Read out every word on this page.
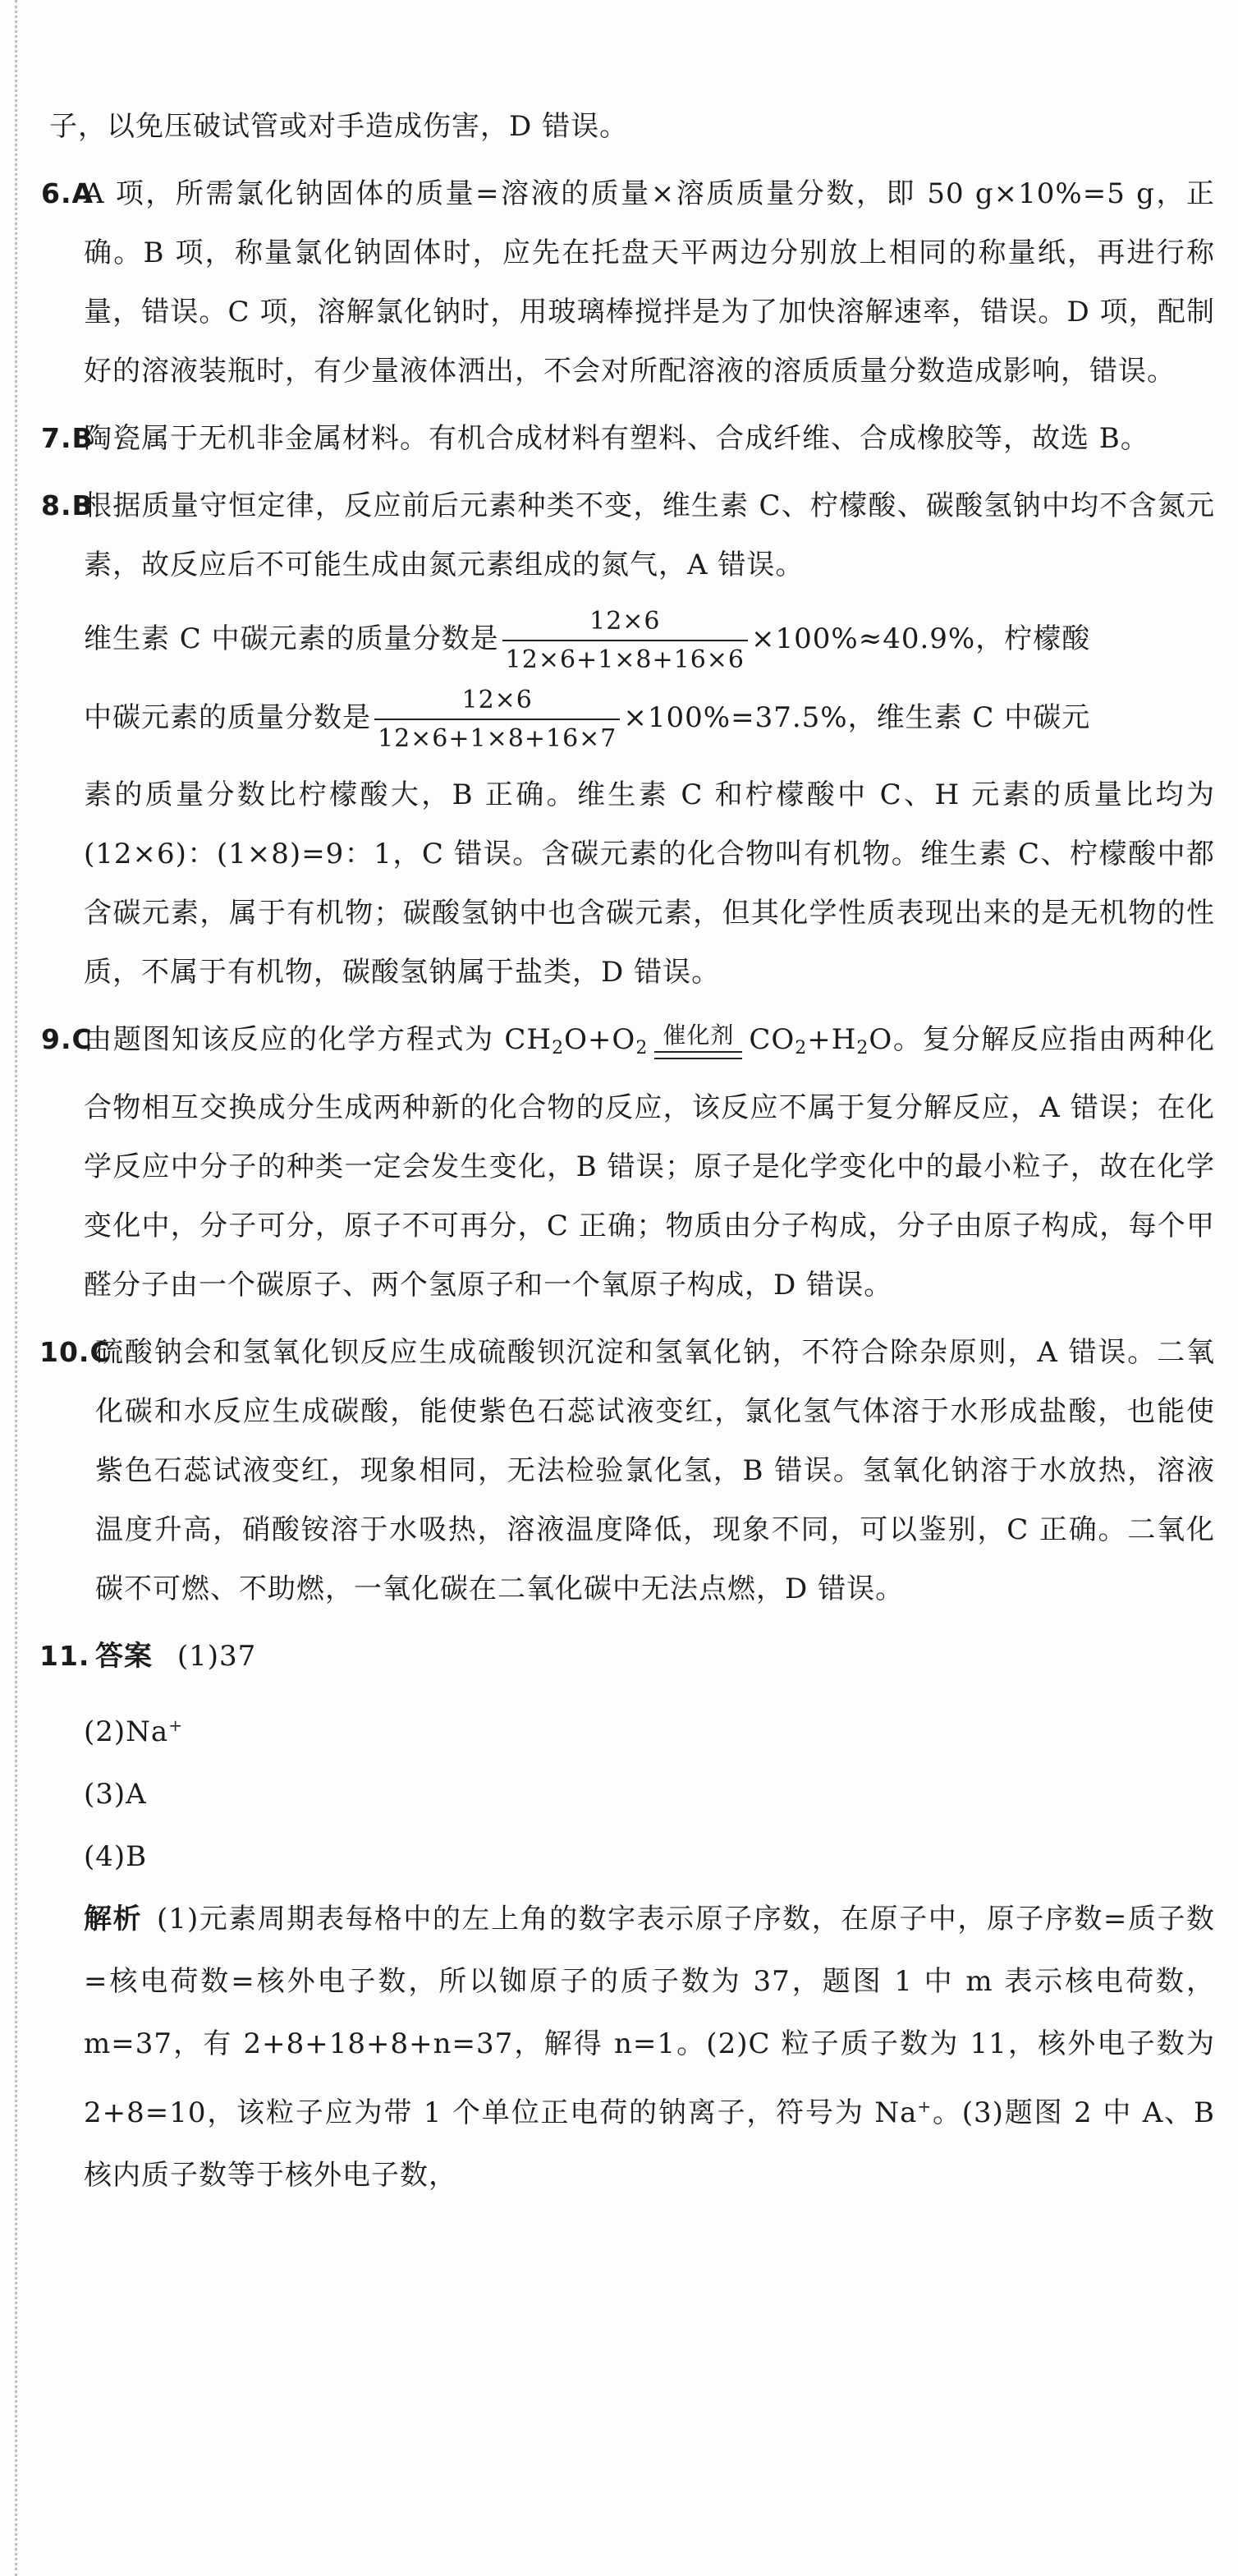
子，以免压破试管或对手造成伤害，D 错误。

6.A
A 项，所需氯化钠固体的质量=溶液的质量×溶质质量分数，即 50 g×10%=5 g，正确。B 项，称量氯化钠固体时，应先在托盘天平两边分别放上相同的称量纸，再进行称量，错误。C 项，溶解氯化钠时，用玻璃棒搅拌是为了加快溶解速率，错误。D 项，配制好的溶液装瓶时，有少量液体洒出，不会对所配溶液的溶质质量分数造成影响，错误。
7.B
陶瓷属于无机非金属材料。有机合成材料有塑料、合成纤维、合成橡胶等，故选 B。
8.B
根据质量守恒定律，反应前后元素种类不变，维生素 C、柠檬酸、碳酸氢钠中均不含氮元素，故反应后不可能生成由氮元素组成的氮气，A 错误。
维生素 C 中碳元素的质量分数是 $\frac{12\times 6}{12\times 6+1\times 8+16\times 6} \times 100\%\approx 40.9\%$，柠檬酸
中碳元素的质量分数是 $\frac{12\times 6}{12\times 6+1\times 8+16\times 7} \times 100\%=37.5\%$，维生素 C 中碳元
素的质量分数比柠檬酸大，B 正确。维生素 C 和柠檬酸中 C、H 元素的质量比均为(12×6)：(1×8)=9：1，C 错误。含碳元素的化合物叫有机物。维生素 C、柠檬酸中都含碳元素，属于有机物；碳酸氢钠中也含碳元素，但其化学性质表现出来的是无机物的性质，不属于有机物，碳酸氢钠属于盐类，D 错误。
9.C
由题图知该反应的化学方程式为 $CH_2O+O_2$ 催化剂 $CO_2+H_2O$。复分解反应指由两种化合物相互交换成分生成两种新的化合物的反应，该反应不属于复分解反应，A 错误；在化学反应中分子的种类一定会发生变化，B 错误；原子是化学变化中的最小粒子，故在化学变化中，分子可分，原子不可再分，C 正确；物质由分子构成，分子由原子构成，每个甲醛分子由一个碳原子、两个氢原子和一个氧原子构成，D 错误。
10.C
硫酸钠会和氢氧化钡反应生成硫酸钡沉淀和氢氧化钠，不符合除杂原则，A 错误。二氧化碳和水反应生成碳酸，能使紫色石蕊试液变红，氯化氢气体溶于水形成盐酸，也能使紫色石蕊试液变红，现象相同，无法检验氯化氢，B 错误。氢氧化钠溶于水放热，溶液温度升高，硝酸铵溶于水吸热，溶液温度降低，现象不同，可以鉴别，C 正确。二氧化碳不可燃、不助燃，一氧化碳在二氧化碳中无法点燃，D 错误。
11. 答案 (1)37

(2)Na+

(3)A

(4)B

解析 (1)元素周期表每格中的左上角的数字表示原子序数，在原子中，原子序数=质子数=核电荷数=核外电子数，所以铷原子的质子数为 37，题图 1 中 m 表示核电荷数，m=37，有 2+8+18+8+n=37，解得 n=1。(2)C 粒子质子数为 11，核外电子数为 2+8=10，该粒子应为带 1 个单位正电荷的钠离子，符号为 Na+。(3)题图 2 中 A、B 核内质子数等于核外电子数，
